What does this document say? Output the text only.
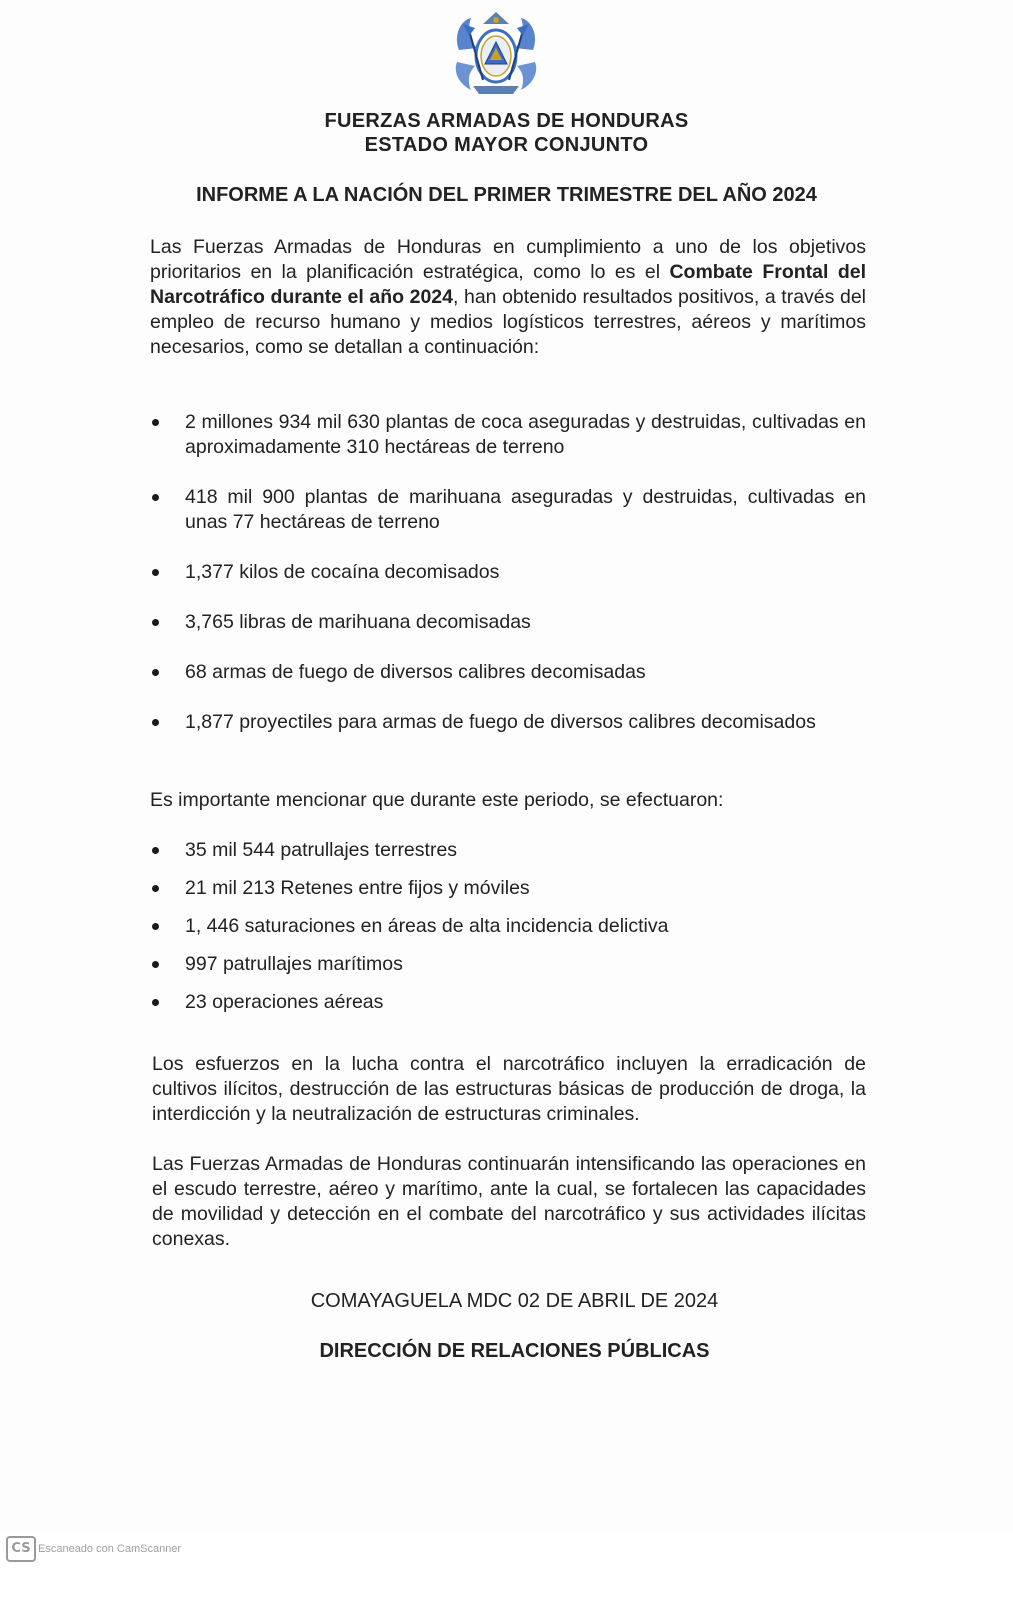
FUERZAS ARMADAS DE HONDURAS
ESTADO MAYOR CONJUNTO
INFORME A LA NACIÓN DEL PRIMER TRIMESTRE DEL AÑO 2024
Las Fuerzas Armadas de Honduras en cumplimiento a uno de los objetivos prioritarios en la planificación estratégica, como lo es el Combate Frontal del Narcotráfico durante el año 2024, han obtenido resultados positivos, a través del empleo de recurso humano y medios logísticos terrestres, aéreos y marítimos necesarios, como se detallan a continuación:
2 millones 934 mil 630 plantas de coca aseguradas y destruidas, cultivadas en aproximadamente 310 hectáreas de terreno
418 mil 900 plantas de marihuana aseguradas y destruidas, cultivadas en unas 77 hectáreas de terreno
1,377 kilos de cocaína decomisados
3,765 libras de marihuana decomisadas
68 armas de fuego de diversos calibres decomisadas
1,877 proyectiles para armas de fuego de diversos calibres decomisados
Es importante mencionar que durante este periodo, se efectuaron:
35 mil 544 patrullajes terrestres
21 mil 213 Retenes entre fijos y móviles
1, 446 saturaciones en áreas de alta incidencia delictiva
997 patrullajes marítimos
23 operaciones aéreas
Los esfuerzos en la lucha contra el narcotráfico incluyen la erradicación de cultivos ilícitos, destrucción de las estructuras básicas de producción de droga, la interdicción y la neutralización de estructuras criminales.
Las Fuerzas Armadas de Honduras continuarán intensificando las operaciones en el escudo terrestre, aéreo y marítimo, ante la cual, se fortalecen las capacidades de movilidad y detección en el combate del narcotráfico y sus actividades ilícitas conexas.
COMAYAGUELA MDC 02 DE ABRIL DE 2024
DIRECCIÓN DE RELACIONES PÚBLICAS
CS Escaneado con CamScanner
